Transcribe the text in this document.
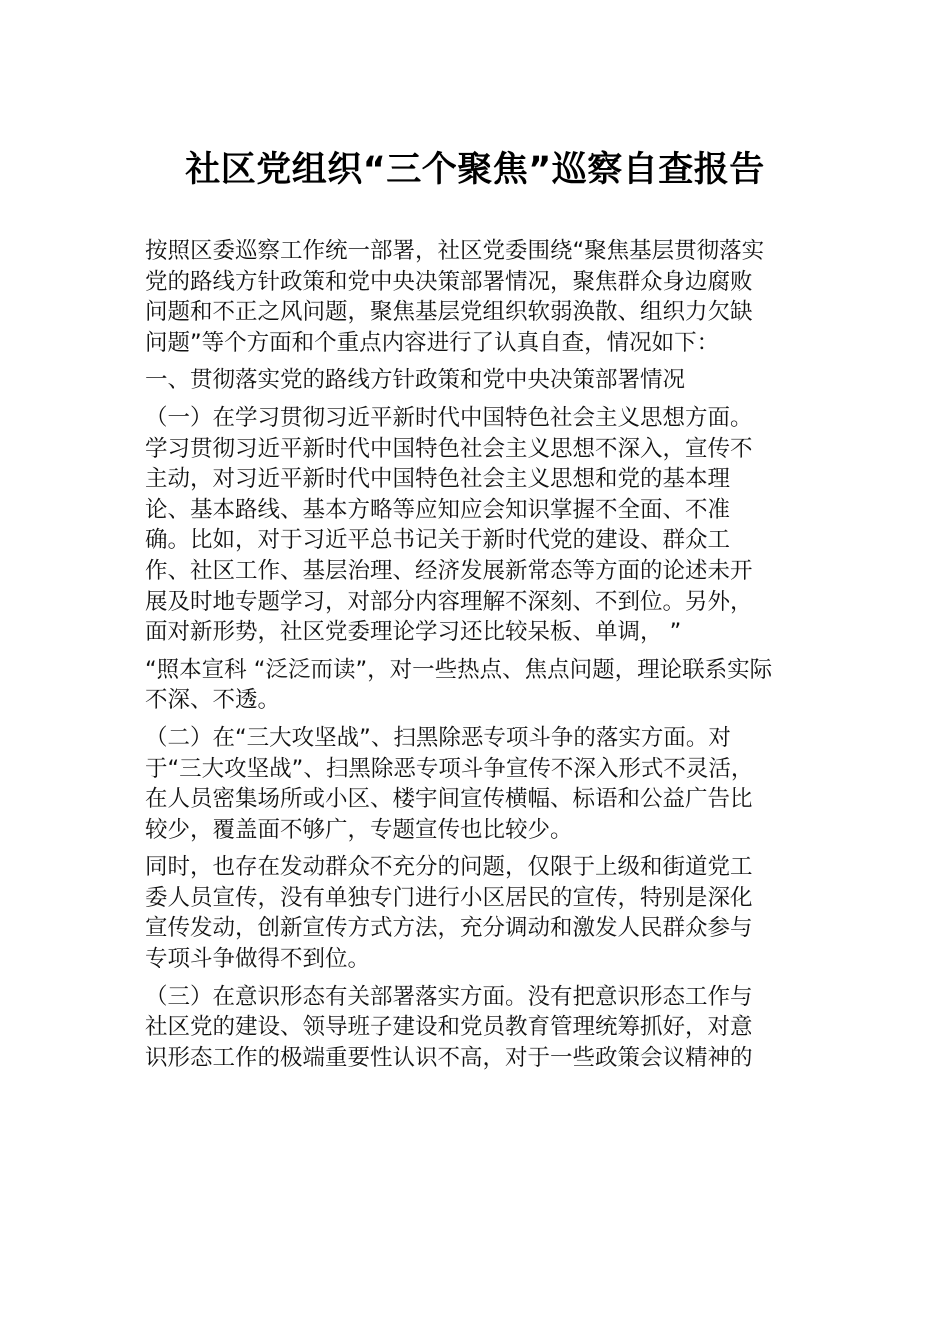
社区党组织“三个聚焦”巡察自查报告

按照区委巡察工作统一部署，社区党委围绕“聚焦基层贯彻落实
党的路线方针政策和党中央决策部署情况，聚焦群众身边腐败
问题和不正之风问题，聚焦基层党组织软弱涣散、组织力欠缺
问题”等个方面和个重点内容进行了认真自查，情况如下：

一、贯彻落实党的路线方针政策和党中央决策部署情况

（一）在学习贯彻习近平新时代中国特色社会主义思想方面。
学习贯彻习近平新时代中国特色社会主义思想不深入，宣传不
主动，对习近平新时代中国特色社会主义思想和党的基本理
论、基本路线、基本方略等应知应会知识掌握不全面、不准
确。比如，对于习近平总书记关于新时代党的建设、群众工
作、社区工作、基层治理、经济发展新常态等方面的论述未开
展及时地专题学习，对部分内容理解不深刻、不到位。另外，
面对新形势，社区党委理论学习还比较呆板、单调， ”

“照本宣科 “泛泛而读”，对一些热点、焦点问题，理论联系实际
不深、不透。

（二）在“三大攻坚战”、扫黑除恶专项斗争的落实方面。对
于“三大攻坚战”、扫黑除恶专项斗争宣传不深入形式不灵活，
在人员密集场所或小区、楼宇间宣传横幅、标语和公益广告比
较少，覆盖面不够广，专题宣传也比较少。

同时，也存在发动群众不充分的问题，仅限于上级和街道党工
委人员宣传，没有单独专门进行小区居民的宣传，特别是深化
宣传发动，创新宣传方式方法，充分调动和激发人民群众参与
专项斗争做得不到位。

（三）在意识形态有关部署落实方面。没有把意识形态工作与
社区党的建设、领导班子建设和党员教育管理统筹抓好，对意
识形态工作的极端重要性认识不高，对于一些政策会议精神的
